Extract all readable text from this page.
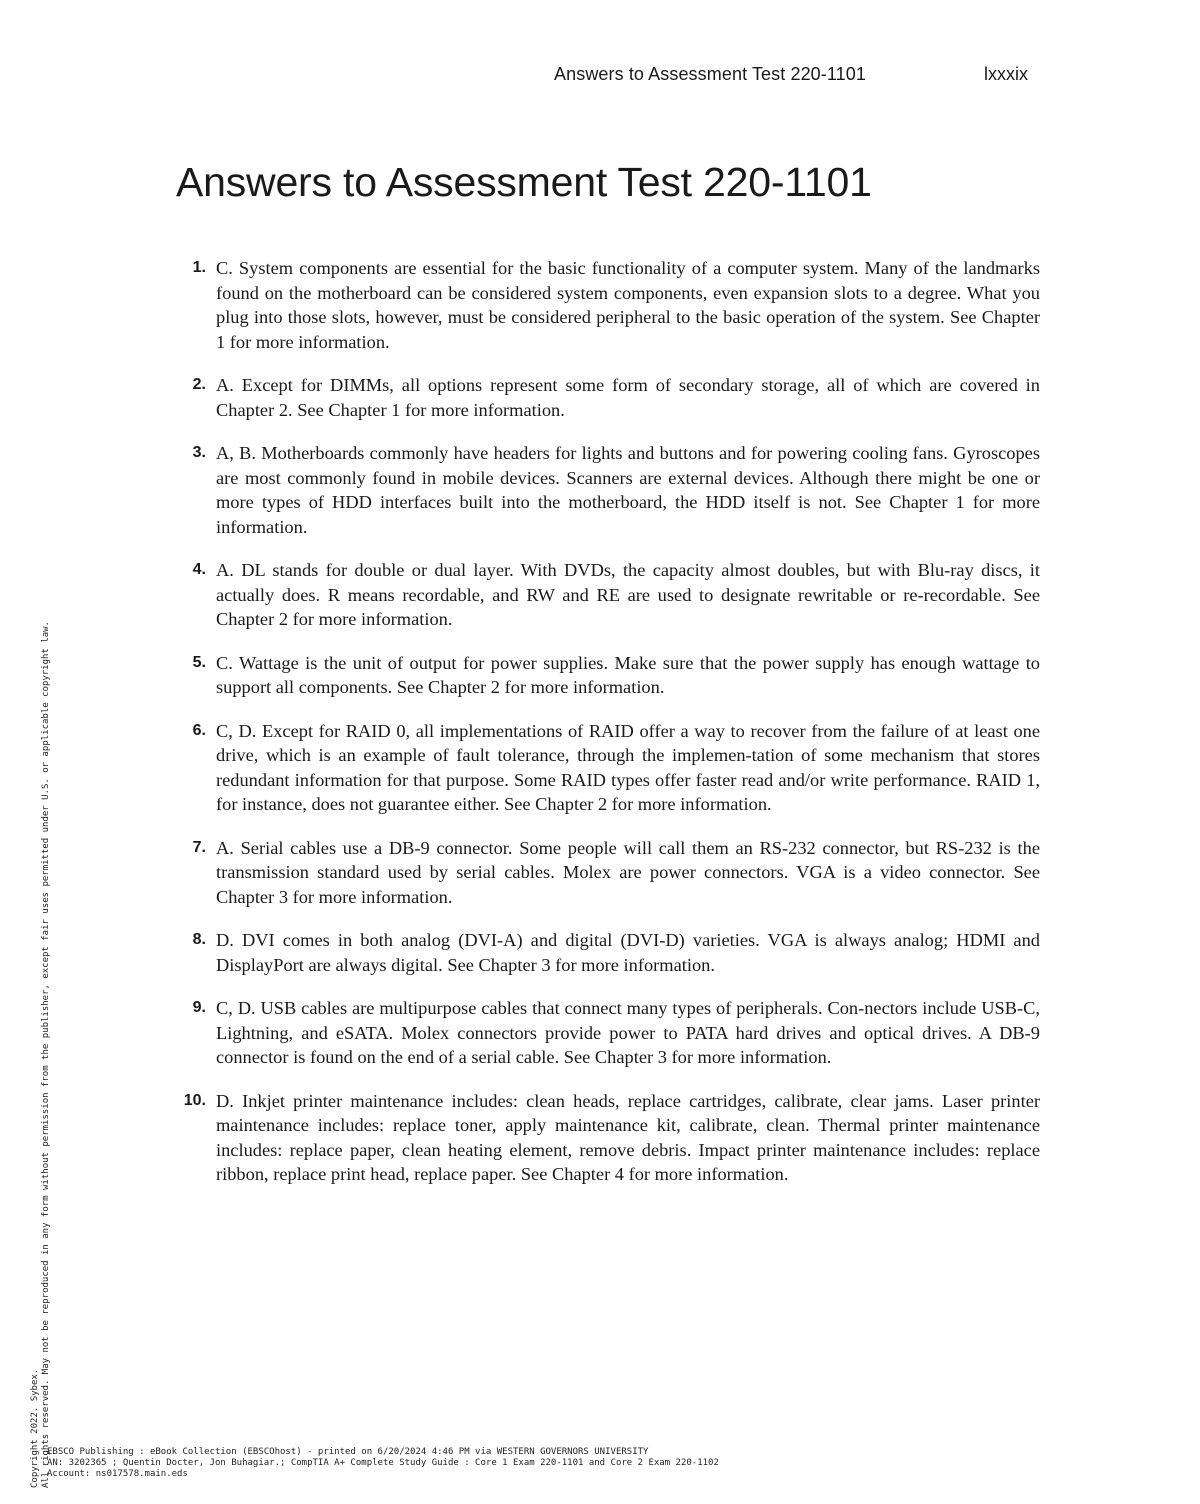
Answers to Assessment Test 220-1101	lxxxix
Answers to Assessment Test 220-1101
1. C. System components are essential for the basic functionality of a computer system. Many of the landmarks found on the motherboard can be considered system components, even expansion slots to a degree. What you plug into those slots, however, must be considered peripheral to the basic operation of the system. See Chapter 1 for more information.
2. A. Except for DIMMs, all options represent some form of secondary storage, all of which are covered in Chapter 2. See Chapter 1 for more information.
3. A, B. Motherboards commonly have headers for lights and buttons and for powering cooling fans. Gyroscopes are most commonly found in mobile devices. Scanners are external devices. Although there might be one or more types of HDD interfaces built into the motherboard, the HDD itself is not. See Chapter 1 for more information.
4. A. DL stands for double or dual layer. With DVDs, the capacity almost doubles, but with Blu-ray discs, it actually does. R means recordable, and RW and RE are used to designate rewritable or re-recordable. See Chapter 2 for more information.
5. C. Wattage is the unit of output for power supplies. Make sure that the power supply has enough wattage to support all components. See Chapter 2 for more information.
6. C, D. Except for RAID 0, all implementations of RAID offer a way to recover from the failure of at least one drive, which is an example of fault tolerance, through the implemen-tation of some mechanism that stores redundant information for that purpose. Some RAID types offer faster read and/or write performance. RAID 1, for instance, does not guarantee either. See Chapter 2 for more information.
7. A. Serial cables use a DB-9 connector. Some people will call them an RS-232 connector, but RS-232 is the transmission standard used by serial cables. Molex are power connectors. VGA is a video connector. See Chapter 3 for more information.
8. D. DVI comes in both analog (DVI-A) and digital (DVI-D) varieties. VGA is always analog; HDMI and DisplayPort are always digital. See Chapter 3 for more information.
9. C, D. USB cables are multipurpose cables that connect many types of peripherals. Con-nectors include USB-C, Lightning, and eSATA. Molex connectors provide power to PATA hard drives and optical drives. A DB-9 connector is found on the end of a serial cable. See Chapter 3 for more information.
10. D. Inkjet printer maintenance includes: clean heads, replace cartridges, calibrate, clear jams. Laser printer maintenance includes: replace toner, apply maintenance kit, calibrate, clean. Thermal printer maintenance includes: replace paper, clean heating element, remove debris. Impact printer maintenance includes: replace ribbon, replace print head, replace paper. See Chapter 4 for more information.
Copyright 2022. Sybex. All rights reserved. May not be reproduced in any form without permission from the publisher, except fair uses permitted under U.S. or applicable copyright law.
EBSCO Publishing : eBook Collection (EBSCOhost) - printed on 6/20/2024 4:46 PM via WESTERN GOVERNORS UNIVERSITY
AN: 3202365 ; Quentin Docter, Jon Buhagiar.; CompTIA A+ Complete Study Guide : Core 1 Exam 220-1101 and Core 2 Exam 220-1102
Account: ns017578.main.eds
